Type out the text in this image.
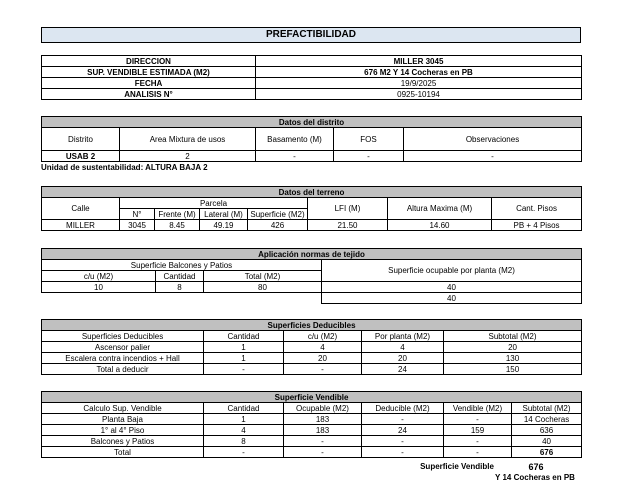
PREFACTIBILIDAD
DIRECCION	MILLER 3045
SUP. VENDIBLE ESTIMADA (M2)	676 M2 Y 14 Cocheras en PB
FECHA	19/9/2025
ANALISIS N°	0925-10194
Datos del distrito				
Distrito	Area Mixtura de usos	Basamento (M)	FOS	Observaciones
USAB 2	2	-	-	-
Unidad de sustentabilidad: ALTURA BAJA 2
Datos del terreno							
Calle	Parcela				LFI (M)	Altura Maxima (M)	Cant. Pisos
	N°	Frente (M)	Lateral (M)	Superficie (M2)			
MILLER	3045	8.45	49.19	426	21.50	14.60	PB + 4 Pisos
Aplicación normas de tejido			
Superficie Balcones y Patios			Superficie ocupable por planta (M2)
c/u (M2)	Cantidad	Total (M2)	
10	8	80	40
			40
Superficies Deducibles				
Superficies Deducibles	Cantidad	c/u (M2)	Por planta (M2)	Subtotal (M2)
Ascensor palier	1	4	4	20
Escalera contra incendios + Hall	1	20	20	130
Total a deducir	-	-	24	150
Superficie Vendible					
Calculo Sup. Vendible	Cantidad	Ocupable (M2)	Deducible (M2)	Vendible (M2)	Subtotal (M2)
Planta Baja	1	183	-	-	14 Cocheras
1° al 4° Piso	4	183	24	159	636
Balcones y Patios	8	-	-	-	40
Total	-	-	-	-	676
Superficie Vendible	676
Y 14 Cocheras en PB
